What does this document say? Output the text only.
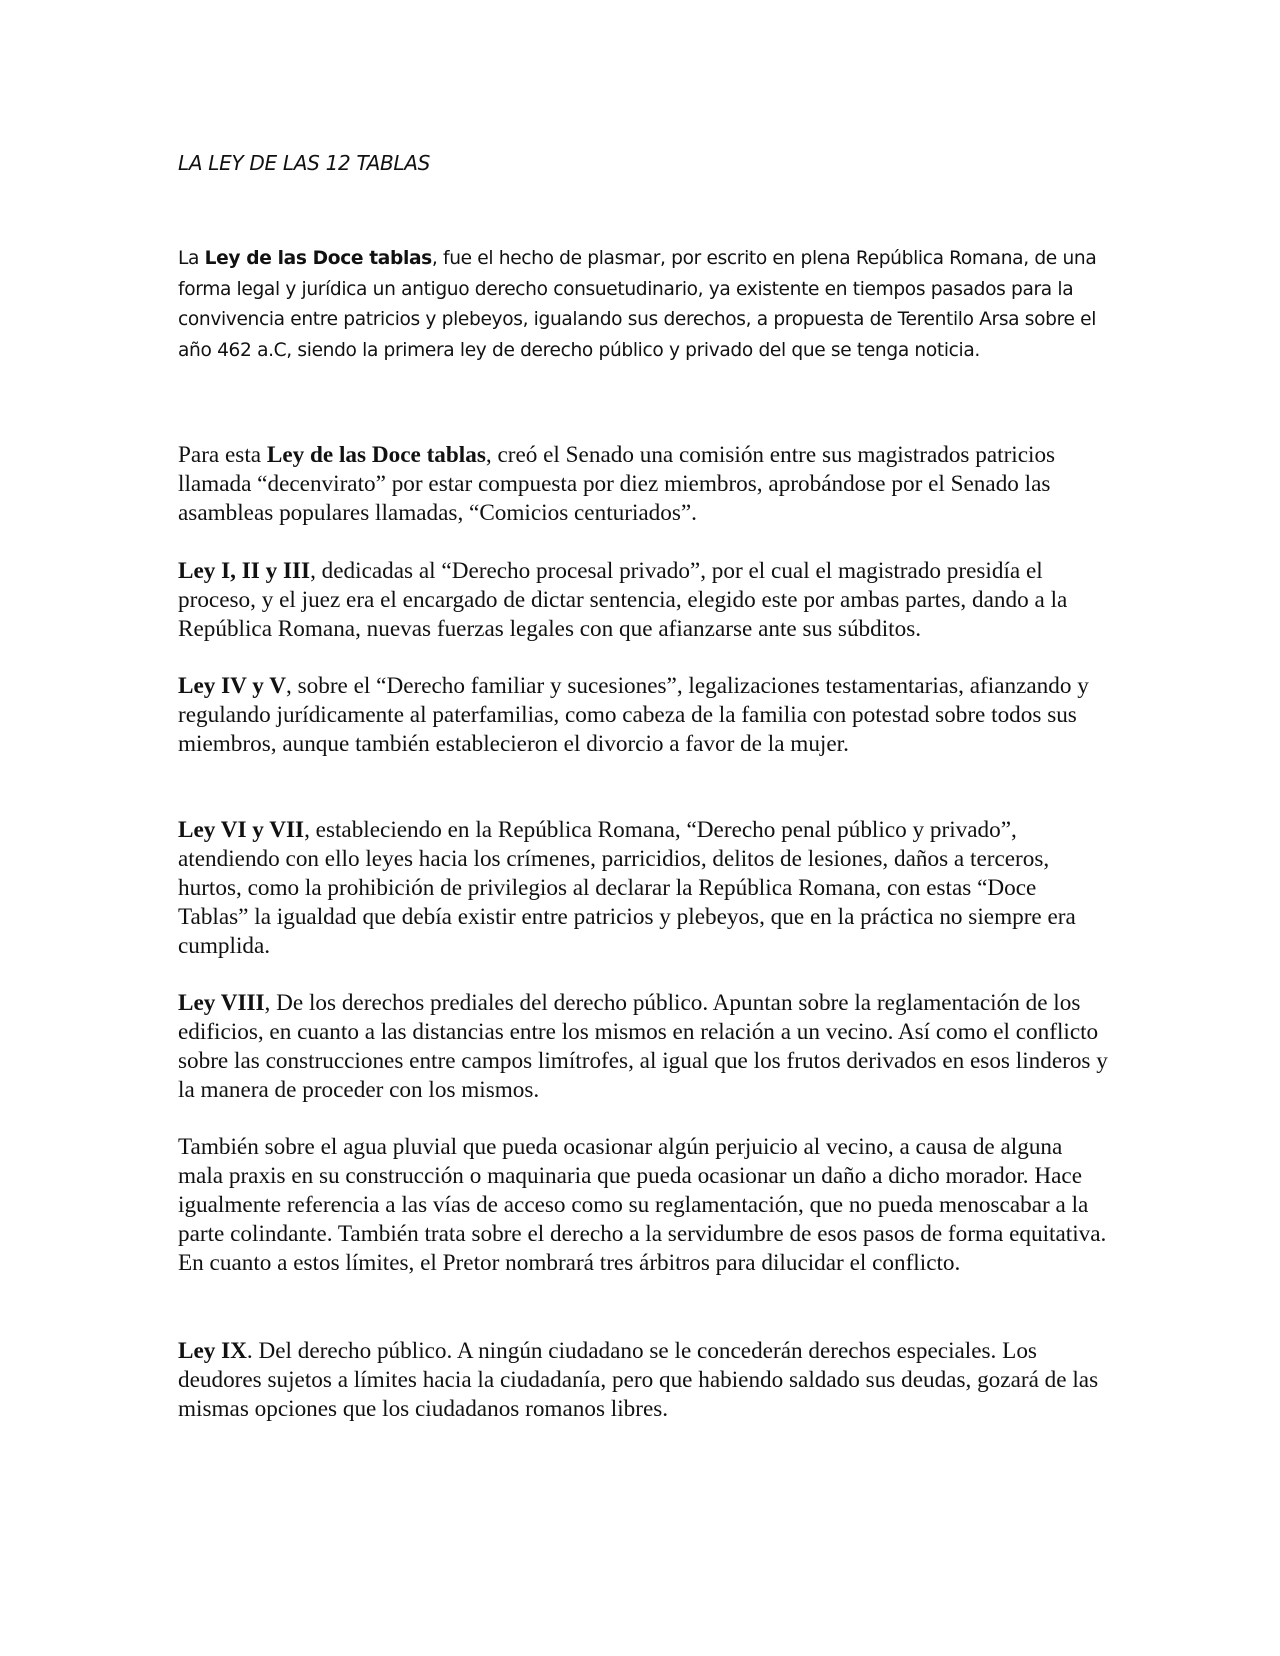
LA LEY DE LAS 12 TABLAS

La Ley de las Doce tablas, fue el hecho de plasmar, por escrito en plena República Romana, de una forma legal y jurídica un antiguo derecho consuetudinario, ya existente en tiempos pasados para la convivencia entre patricios y plebeyos, igualando sus derechos, a propuesta de Terentilo Arsa sobre el año 462 a.C, siendo la primera ley de derecho público y privado del que se tenga noticia.

Para esta Ley de las Doce tablas, creó el Senado una comisión entre sus magistrados patricios llamada “decenvirato” por estar compuesta por diez miembros, aprobándose por el Senado las asambleas populares llamadas, “Comicios centuriados”.

Ley I, II y III, dedicadas al “Derecho procesal privado”, por el cual el magistrado presidía el proceso, y el juez era el encargado de dictar sentencia, elegido este por ambas partes, dando a la República Romana, nuevas fuerzas legales con que afianzarse ante sus súbditos.

Ley IV y V, sobre el “Derecho familiar y sucesiones”, legalizaciones testamentarias, afianzando y regulando jurídicamente al paterfamilias, como cabeza de la familia con potestad sobre todos sus miembros, aunque también establecieron el divorcio a favor de la mujer.

Ley VI y VII, estableciendo en la República Romana, “Derecho penal público y privado”, atendiendo con ello leyes hacia los crímenes, parricidios, delitos de lesiones, daños a terceros, hurtos, como la prohibición de privilegios al declarar la República Romana, con estas “Doce Tablas” la igualdad que debía existir entre patricios y plebeyos, que en la práctica no siempre era cumplida.

Ley VIII, De los derechos prediales del derecho público. Apuntan sobre la reglamentación de los edificios, en cuanto a las distancias entre los mismos en relación a un vecino. Así como el conflicto sobre las construcciones entre campos limítrofes, al igual que los frutos derivados en esos linderos y la manera de proceder con los mismos.

También sobre el agua pluvial que pueda ocasionar algún perjuicio al vecino, a causa de alguna mala praxis en su construcción o maquinaria que pueda ocasionar un daño a dicho morador. Hace igualmente referencia a las vías de acceso como su reglamentación, que no pueda menoscabar a la parte colindante. También trata sobre el derecho a la servidumbre de esos pasos de forma equitativa. En cuanto a estos límites, el Pretor nombrará tres árbitros para dilucidar el conflicto.

Ley IX. Del derecho público. A ningún ciudadano se le concederán derechos especiales. Los deudores sujetos a límites hacia la ciudadanía, pero que habiendo saldado sus deudas, gozará de las mismas opciones que los ciudadanos romanos libres.
